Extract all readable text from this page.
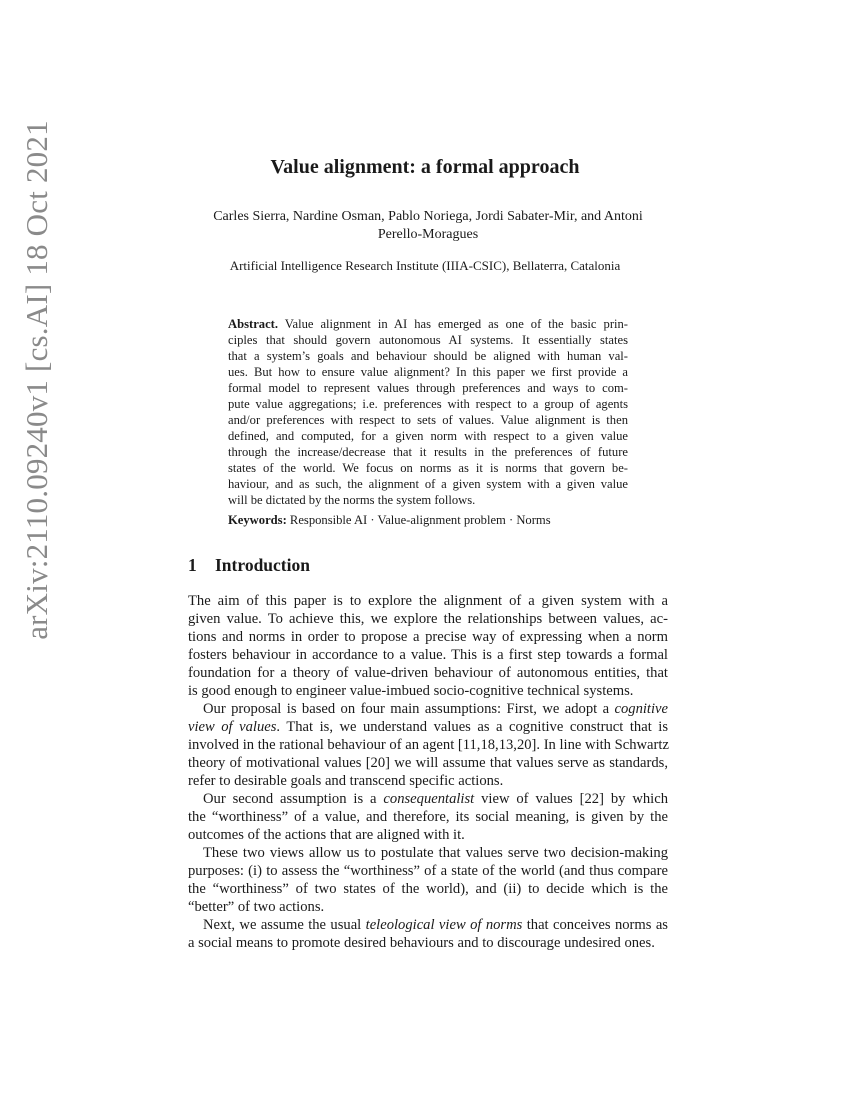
arXiv:2110.09240v1 [cs.AI] 18 Oct 2021	Value alignment: a formal approach
Carles Sierra, Nardine Osman, Pablo Noriega, Jordi Sabater-Mir, and Antoni
Perello-Moragues
Artificial Intelligence Research Institute (IIIA-CSIC), Bellaterra, Catalonia
Abstract. Value alignment in AI has emerged as one of the basic prin-
ciples that should govern autonomous AI systems. It essentially states
that a system’s goals and behaviour should be aligned with human val-
ues. But how to ensure value alignment? In this paper we first provide a
formal model to represent values through preferences and ways to com-
pute value aggregations; i.e. preferences with respect to a group of agents
and/or preferences with respect to sets of values. Value alignment is then
defined, and computed, for a given norm with respect to a given value
through the increase/decrease that it results in the preferences of future
states of the world. We focus on norms as it is norms that govern be-
haviour, and as such, the alignment of a given system with a given value
will be dictated by the norms the system follows.
Keywords: Responsible AI · Value-alignment problem · Norms
1 Introduction
The aim of this paper is to explore the alignment of a given system with a
given value. To achieve this, we explore the relationships between values, ac-
tions and norms in order to propose a precise way of expressing when a norm
fosters behaviour in accordance to a value. This is a first step towards a formal
foundation for a theory of value-driven behaviour of autonomous entities, that
is good enough to engineer value-imbued socio-cognitive technical systems.
Our proposal is based on four main assumptions: First, we adopt a cognitive
view of values. That is, we understand values as a cognitive construct that is
involved in the rational behaviour of an agent [11,18,13,20]. In line with Schwartz
theory of motivational values [20] we will assume that values serve as standards,
refer to desirable goals and transcend specific actions.
Our second assumption is a consequentalist view of values [22] by which
the “worthiness” of a value, and therefore, its social meaning, is given by the
outcomes of the actions that are aligned with it.
These two views allow us to postulate that values serve two decision-making
purposes: (i) to assess the “worthiness” of a state of the world (and thus compare
the “worthiness” of two states of the world), and (ii) to decide which is the
“better” of two actions.
Next, we assume the usual teleological view of norms that conceives norms as
a social means to promote desired behaviours and to discourage undesired ones.
